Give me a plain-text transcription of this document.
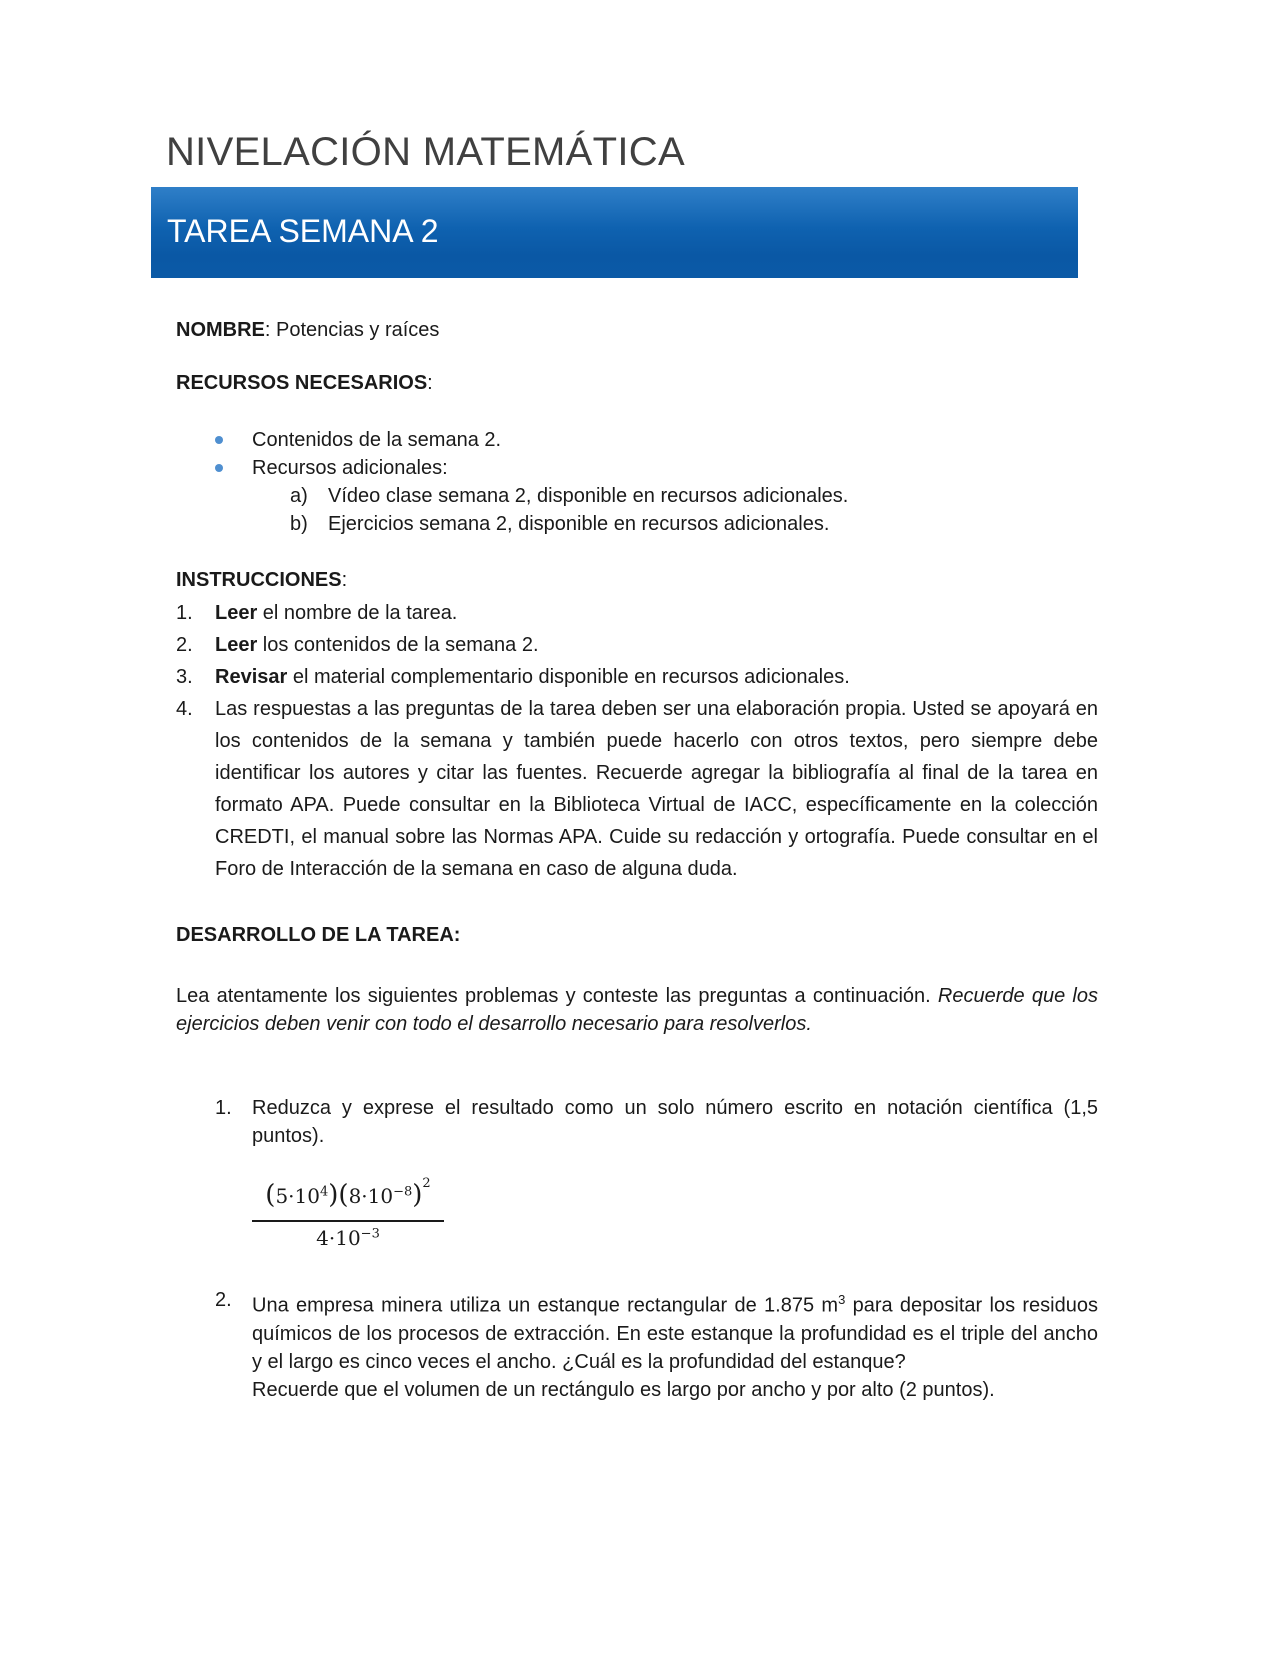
NIVELACIÓN MATEMÁTICA
TAREA SEMANA 2
NOMBRE: Potencias y raíces
RECURSOS NECESARIOS:
Contenidos de la semana 2.
Recursos adicionales:
a) Vídeo clase semana 2, disponible en recursos adicionales.
b) Ejercicios semana 2, disponible en recursos adicionales.
INSTRUCCIONES:
1. Leer el nombre de la tarea.
2. Leer los contenidos de la semana 2.
3. Revisar el material complementario disponible en recursos adicionales.
4. Las respuestas a las preguntas de la tarea deben ser una elaboración propia. Usted se apoyará en los contenidos de la semana y también puede hacerlo con otros textos, pero siempre debe identificar los autores y citar las fuentes. Recuerde agregar la bibliografía al final de la tarea en formato APA. Puede consultar en la Biblioteca Virtual de IACC, específicamente en la colección CREDTI, el manual sobre las Normas APA. Cuide su redacción y ortografía. Puede consultar en el Foro de Interacción de la semana en caso de alguna duda.
DESARROLLO DE LA TAREA:
Lea atentamente los siguientes problemas y conteste las preguntas a continuación. Recuerde que los ejercicios deben venir con todo el desarrollo necesario para resolverlos.
1. Reduzca y exprese el resultado como un solo número escrito en notación científica (1,5 puntos).
$(5\cdot 10^4)(8\cdot 10^{-8})^2$
$4\cdot 10^{-3}$
2. Una empresa minera utiliza un estanque rectangular de 1.875 $m^3$ para depositar los residuos químicos de los procesos de extracción. En este estanque la profundidad es el triple del ancho y el largo es cinco veces el ancho. ¿Cuál es la profundidad del estanque?
Recuerde que el volumen de un rectángulo es largo por ancho y por alto (2 puntos).
